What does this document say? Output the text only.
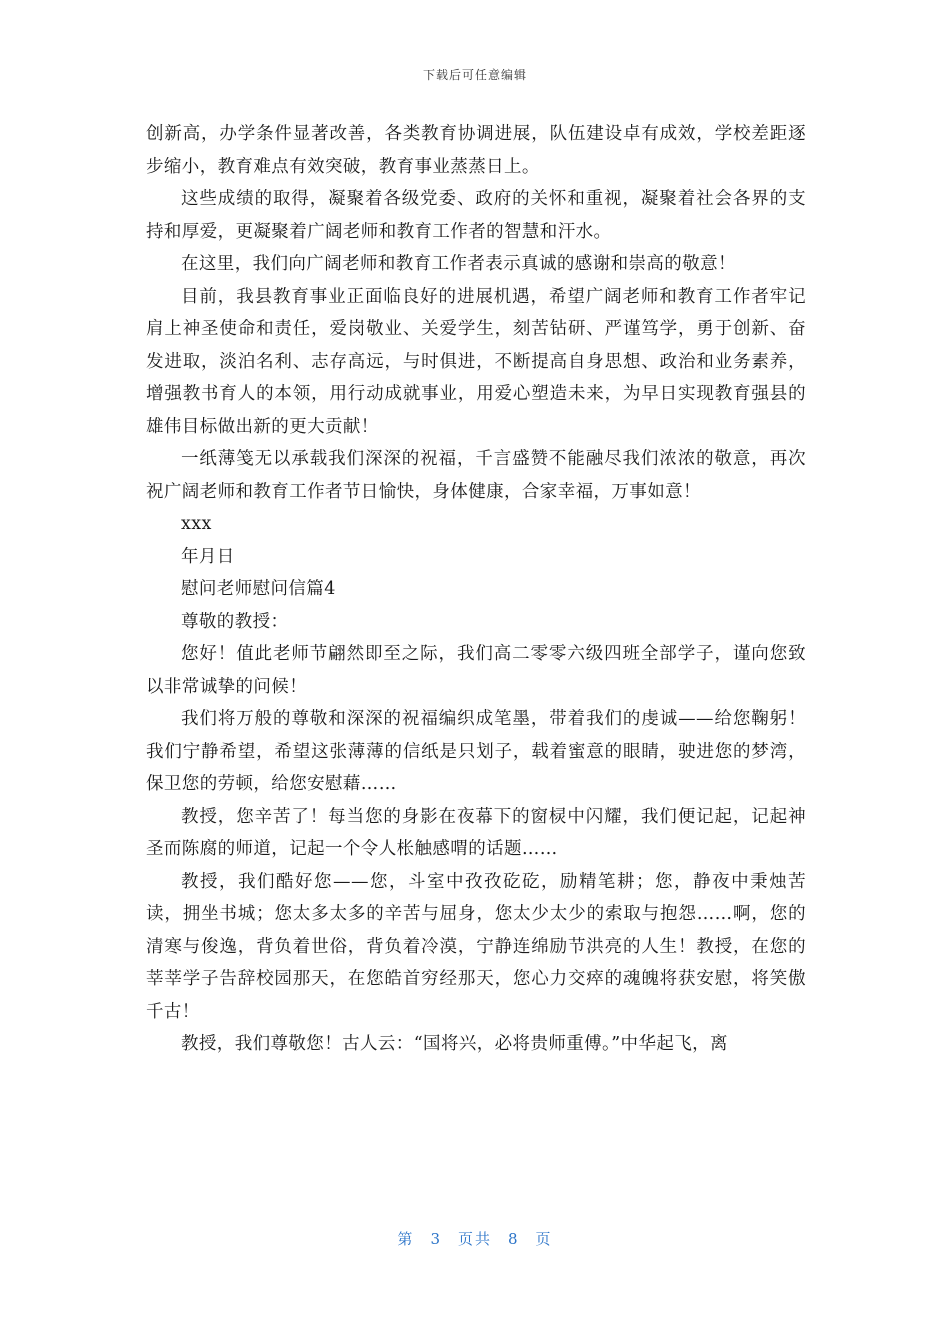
下载后可任意编辑

创新高，办学条件显著改善，各类教育协调进展，队伍建设卓有成效，学校差距逐步缩小，教育难点有效突破，教育事业蒸蒸日上。

这些成绩的取得，凝聚着各级党委、政府的关怀和重视，凝聚着社会各界的支持和厚爱，更凝聚着广阔老师和教育工作者的智慧和汗水。

在这里，我们向广阔老师和教育工作者表示真诚的感谢和崇高的敬意！

目前，我县教育事业正面临良好的进展机遇，希望广阔老师和教育工作者牢记肩上神圣使命和责任，爱岗敬业、关爱学生，刻苦钻研、严谨笃学，勇于创新、奋发进取，淡泊名利、志存高远，与时俱进，不断提高自身思想、政治和业务素养，增强教书育人的本领，用行动成就事业，用爱心塑造未来，为早日实现教育强县的雄伟目标做出新的更大贡献！

一纸薄笺无以承载我们深深的祝福，千言盛赞不能融尽我们浓浓的敬意，再次祝广阔老师和教育工作者节日愉快，身体健康，合家幸福，万事如意！

xxx

年月日

慰问老师慰问信篇4

尊敬的教授：

您好！值此老师节翩然即至之际，我们高二零零六级四班全部学子，谨向您致以非常诚挚的问候！

我们将万般的尊敬和深深的祝福编织成笔墨，带着我们的虔诚——给您鞠躬！我们宁静希望，希望这张薄薄的信纸是只划子，载着蜜意的眼睛，驶进您的梦湾，保卫您的劳顿，给您安慰藉……

教授，您辛苦了！每当您的身影在夜幕下的窗棂中闪耀，我们便记起，记起神圣而陈腐的师道，记起一个令人枨触感喟的话题……

教授，我们酷好您——您，斗室中孜孜矻矻，励精笔耕；您，静夜中秉烛苦读，拥坐书城；您太多太多的辛苦与屈身，您太少太少的索取与抱怨……啊，您的清寒与俊逸，背负着世俗，背负着冷漠，宁静连绵励节洪亮的人生！教授，在您的莘莘学子告辞校园那天，在您皓首穷经那天，您心力交瘁的魂魄将获安慰，将笑傲千古！

教授，我们尊敬您！古人云：“国将兴，必将贵师重傅。”中华起飞，离

第 3 页共 8 页
